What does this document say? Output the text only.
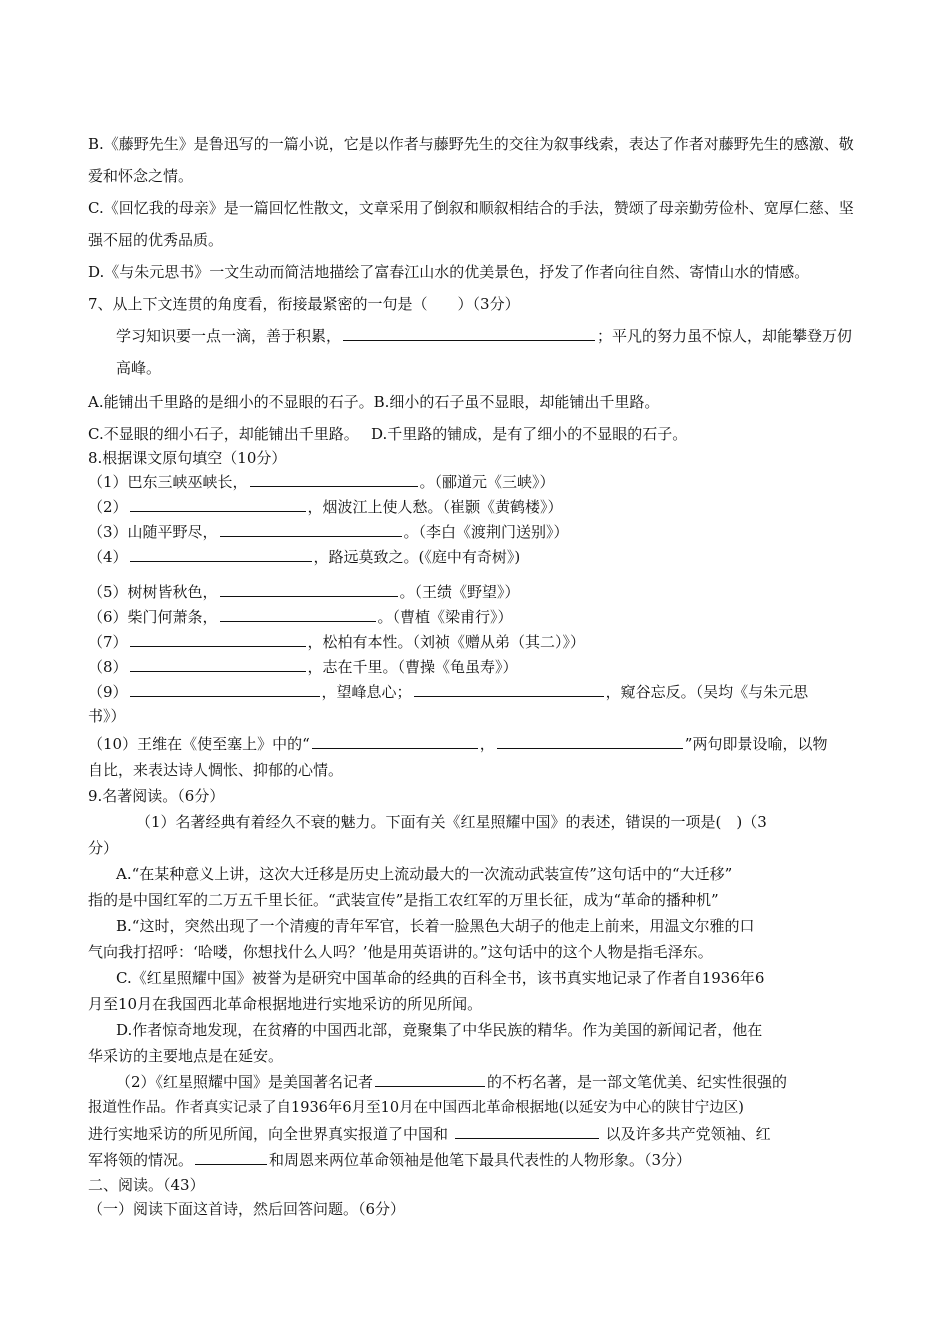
B.《藤野先生》是鲁迅写的一篇小说，它是以作者与藤野先生的交往为叙事线索，表达了作者对藤野先生的感激、敬爱和怀念之情。
C.《回忆我的母亲》是一篇回忆性散文，文章采用了倒叙和顺叙相结合的手法，赞颂了母亲勤劳俭朴、宽厚仁慈、坚强不屈的优秀品质。
D.《与朱元思书》一文生动而简洁地描绘了富春江山水的优美景色，抒发了作者向往自然、寄情山水的情感。
7、从上下文连贯的角度看，衔接最紧密的一句是（　　）（3分）
学习知识要一点一滴，善于积累，	；平凡的努力虽不惊人，却能攀登万仞高峰。
A.能铺出千里路的是细小的不显眼的石子。B.细小的石子虽不显眼，却能铺出千里路。
C.不显眼的细小石子，却能铺出千里路。　 D.千里路的铺成，是有了细小的不显眼的石子。
8.根据课文原句填空（10分）
（1）巴东三峡巫峡长，	。（郦道元《三峡》）
（2）	，烟波江上使人愁。（崔颢《黄鹤楼》）
（3）山随平野尽，	。（李白《渡荆门送别》）
（4）	，路远莫致之。(《庭中有奇树》)
（5）树树皆秋色，	。（王绩《野望》）
（6）柴门何萧条，	。（曹植《梁甫行》）
（7）	，松柏有本性。（刘祯《赠从弟（其二）》）
（8）	，志在千里。（曹操《龟虽寿》）
（9）	，望峰息心；	，窥谷忘反。（吴均《与朱元思
书》）
（10）王维在《使至塞上》中的“	，	”两句即景设喻，以物
自比，来表达诗人惆怅、抑郁的心情。
9.名著阅读。（6分）
（1）名著经典有着经久不衰的魅力。下面有关《红星照耀中国》的表述，错误的一项是(　)（3
分）
A.“在某种意义上讲，这次大迁移是历史上流动最大的一次流动武装宣传”这句话中的“大迁移”
指的是中国红军的二万五千里长征。“武装宣传”是指工农红军的万里长征，成为“革命的播种机”
B.“这时，突然出现了一个清瘦的青年军官，长着一脸黑色大胡子的他走上前来，用温文尔雅的口
气向我打招呼：‘哈喽，你想找什么人吗？’他是用英语讲的。”这句话中的这个人物是指毛泽东。
C.《红星照耀中国》被誉为是研究中国革命的经典的百科全书，该书真实地记录了作者自1936年6
月至10月在我国西北革命根据地进行实地采访的所见所闻。
D.作者惊奇地发现，在贫瘠的中国西北部，竟聚集了中华民族的精华。作为美国的新闻记者，他在
华采访的主要地点是在延安。
（2）《红星照耀中国》是美国著名记者	的不朽名著，是一部文笔优美、纪实性很强的
报道性作品。作者真实记录了自1936年6月至10月在中国西北革命根据地(以延安为中心的陕甘宁边区)
进行实地采访的所见所闻，向全世界真实报道了中国和	以及许多共产党领袖、红
军将领的情况。	和周恩来两位革命领袖是他笔下最具代表性的人物形象。（3分）
二、阅读。（43）
（一）阅读下面这首诗，然后回答问题。（6分）
